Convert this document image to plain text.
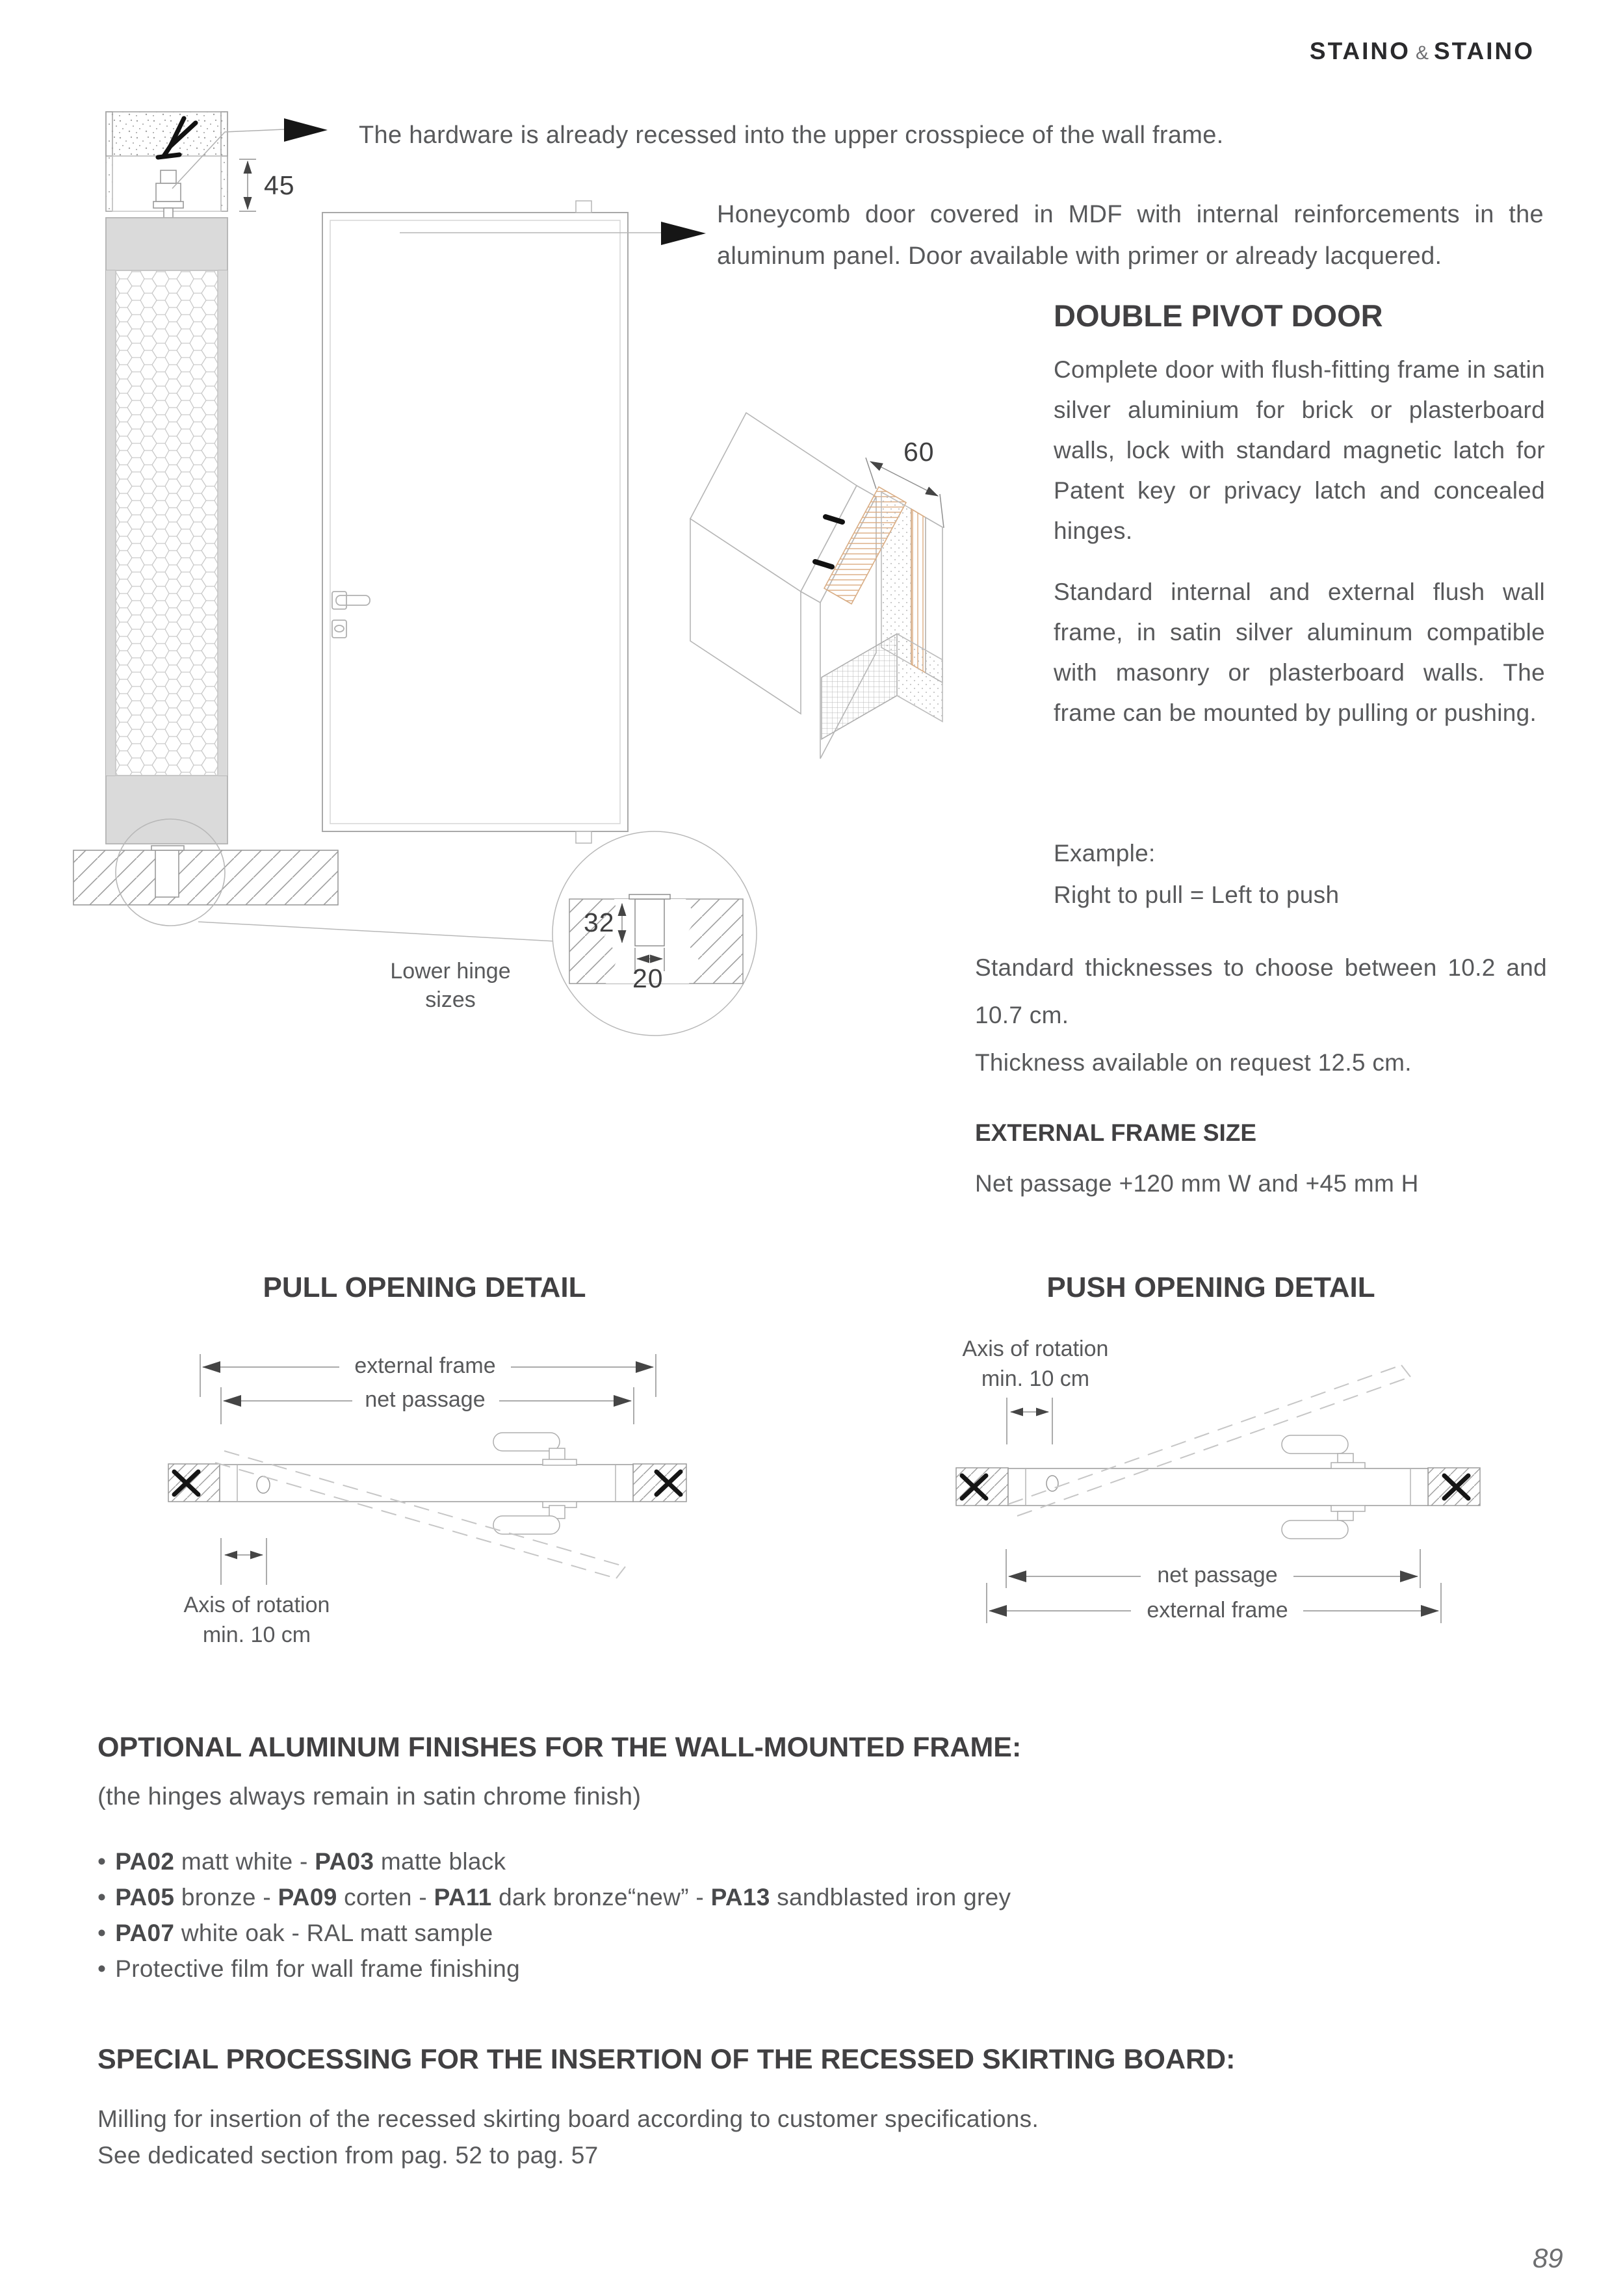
STAINO & STAINO
The hardware is already recessed into the upper crosspiece of the wall frame.
Honeycomb door covered in MDF with internal reinforcements in the aluminum panel. Door available with primer or already lacquered.
45
60
32
20
Lower hinge
sizes
DOUBLE PIVOT DOOR
Complete door with flush-fitting frame in satin silver aluminium for brick or plasterboard walls, lock with standard magnetic latch for Patent key or privacy latch and concealed hinges.
Standard internal and external flush wall frame, in satin silver aluminum compatible with masonry or plasterboard walls. The frame can be mounted by pulling or pushing.
Example:
Right to pull = Left to push
Standard thicknesses to choose between 10.2 and 10.7 cm.
Thickness available on request 12.5 cm.
EXTERNAL FRAME SIZE
Net passage +120 mm W and +45 mm H
PULL OPENING DETAIL	PUSH OPENING DETAIL
external frame
net passage
Axis of rotation
min. 10 cm
Axis of rotation
min. 10 cm
net passage
external frame
OPTIONAL ALUMINUM FINISHES FOR THE WALL-MOUNTED FRAME:
(the hinges always remain in satin chrome finish)
• PA02 matt white - PA03 matte black
• PA05 bronze - PA09 corten - PA11 dark bronze“new” - PA13 sandblasted iron grey
• PA07 white oak - RAL matt sample
• Protective film for wall frame finishing
SPECIAL PROCESSING FOR THE INSERTION OF THE RECESSED SKIRTING BOARD:
Milling for insertion of the recessed skirting board according to customer specifications.
See dedicated section from pag. 52 to pag. 57
89
